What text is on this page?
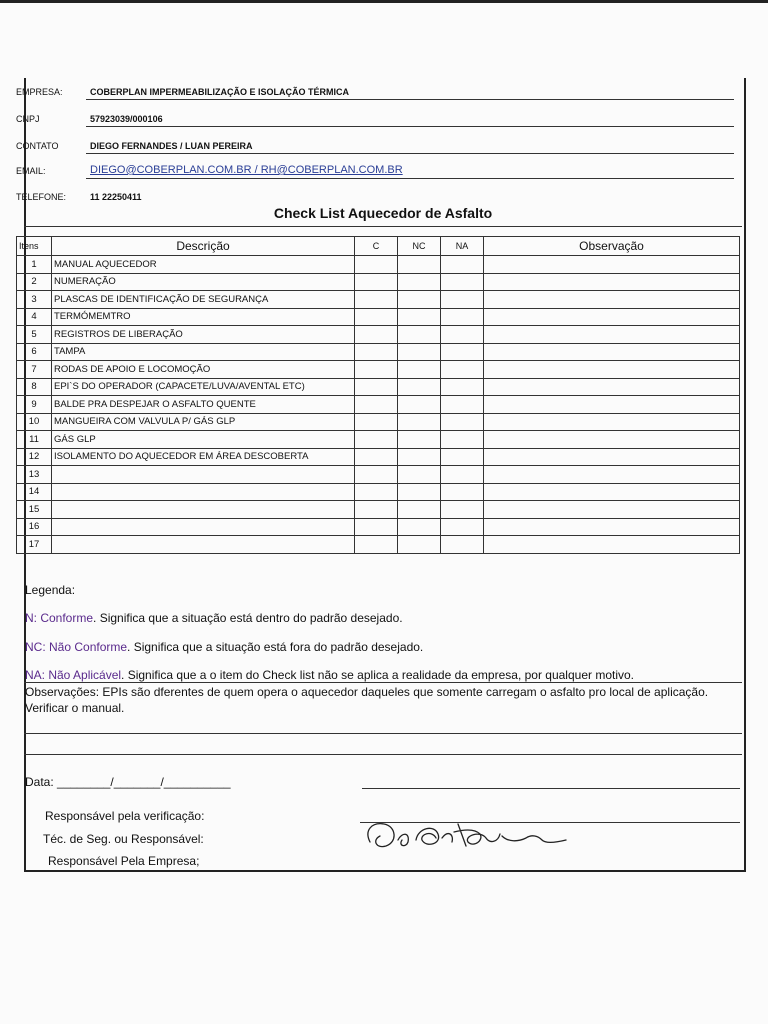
EMPRESA:	COBERPLAN IMPERMEABILIZAÇÃO E ISOLAÇÃO TÉRMICA
CNPJ	57923039/000106
CONTATO	DIEGO FERNANDES / LUAN PEREIRA
EMAIL:	DIEGO@COBERPLAN.COM.BR / RH@COBERPLAN.COM.BR
TELEFONE:	11 22250411
Check List Aquecedor de Asfalto
Itens	Descrição	C	NC	NA	Observação
1	MANUAL AQUECEDOR				
2	NUMERAÇÃO				
3	PLASCAS DE IDENTIFICAÇÃO DE SEGURANÇA				
4	TERMÓMEMTRO				
5	REGISTROS DE LIBERAÇÃO				
6	TAMPA				
7	RODAS DE APOIO E LOCOMOÇÃO				
8	EPI`S DO OPERADOR (CAPACETE/LUVA/AVENTAL ETC)				
9	BALDE PRA DESPEJAR O ASFALTO QUENTE				
10	MANGUEIRA COM VALVULA P/ GÁS GLP				
11	GÁS GLP				
12	ISOLAMENTO DO AQUECEDOR EM ÁREA DESCOBERTA				
13					
14					
15					
16					
17					
Legenda:
N: Conforme. Significa que a situação está dentro do padrão desejado.
NC: Não Conforme. Significa que a situação está fora do padrão desejado.
NA: Não Aplicável. Significa que a o item do Check list não se aplica a realidade da empresa, por qualquer motivo.
Observações: EPIs são dferentes de quem opera o aquecedor daqueles que somente carregam o asfalto pro local de aplicação. Verificar o manual.
Data: ________/_______/__________
Responsável pela verificação:
Téc. de Seg. ou Responsável:
Responsável Pela Empresa;
